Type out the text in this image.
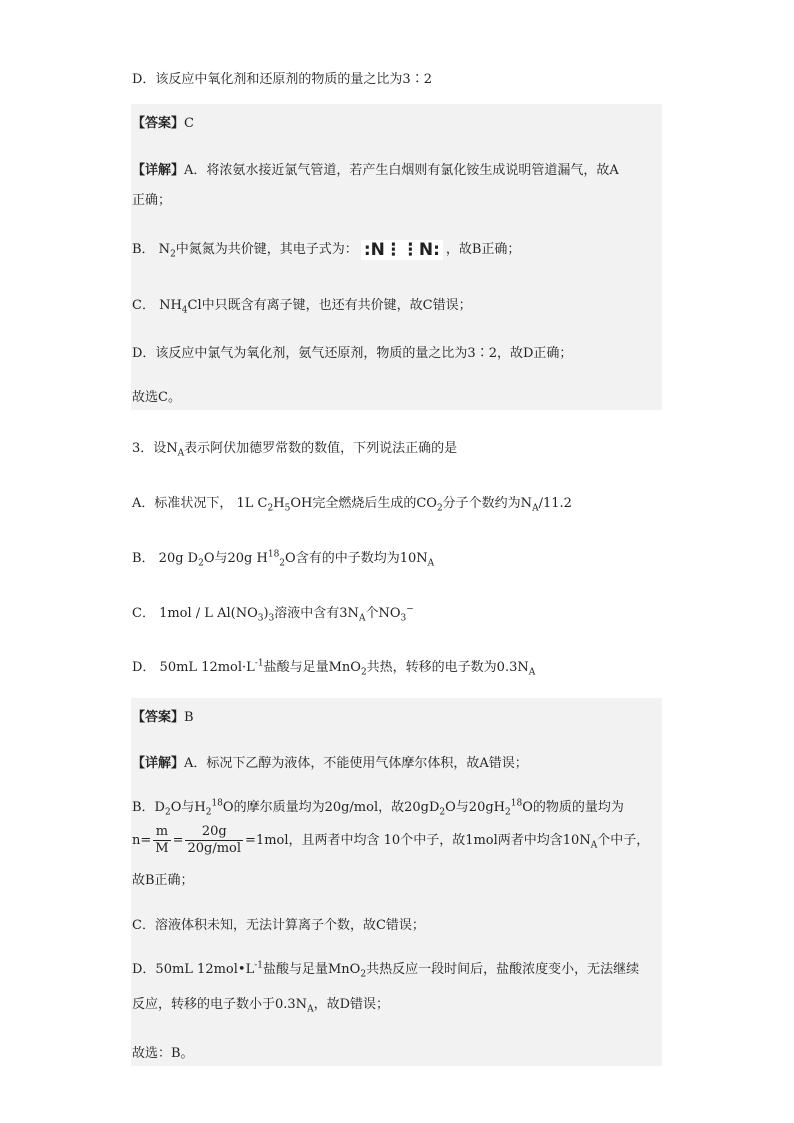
D．该反应中氧化剂和还原剂的物质的量之比为3∶2
【答案】C
【详解】A．将浓氨水接近氯气管道，若产生白烟则有氯化铵生成说明管道漏气，故A
正确；
B． $N_2$中氮氮为共价键，其电子式为： :N⋮⋮N: ，故B正确；
C． $NH_4Cl$中只既含有离子键，也还有共价键，故C错误；
D．该反应中氯气为氧化剂，氨气还原剂，物质的量之比为3∶2，故D正确；
故选C。
3．设$N_A$表示阿伏加德罗常数的数值，下列说法正确的是
A．标准状况下， 1L $C_2H_5OH$完全燃烧后生成的$CO_2$分子个数约为$N_A/11.2$
B． 20g $D_2O$与20g $H^{18}_2O$含有的中子数均为$10N_A$
C． 1mol / L $Al(NO_3)_3$溶液中含有$3N_A$个$NO_3^-$
D． 50mL $12mol\cdot L^{-1}$盐酸与足量MnO$_2$共热，转移的电子数为$0.3N_A$
【答案】B
【详解】A．标况下乙醇为液体，不能使用气体摩尔体积，故A错误；
B．$D_2O$与$H_2^{18}O$的摩尔质量均为20g/mol，故$20gD_2O$与$20gH_2^{18}O$的物质的量均为
$n= \frac{m}{M} = \frac{20g}{\text{20g/mol}} =1mol$，且两者中均含 10个中子，故1mol两者中均含$10N_A$个中子，
故B正确；
C．溶液体积未知，无法计算离子个数，故C错误；
D．50mL $12mol•L^{-1}$盐酸与足量MnO$_2$共热反应一段时间后，盐酸浓度变小，无法继续
反应，转移的电子数小于$0.3N_A$，故D错误；
故选：B。
